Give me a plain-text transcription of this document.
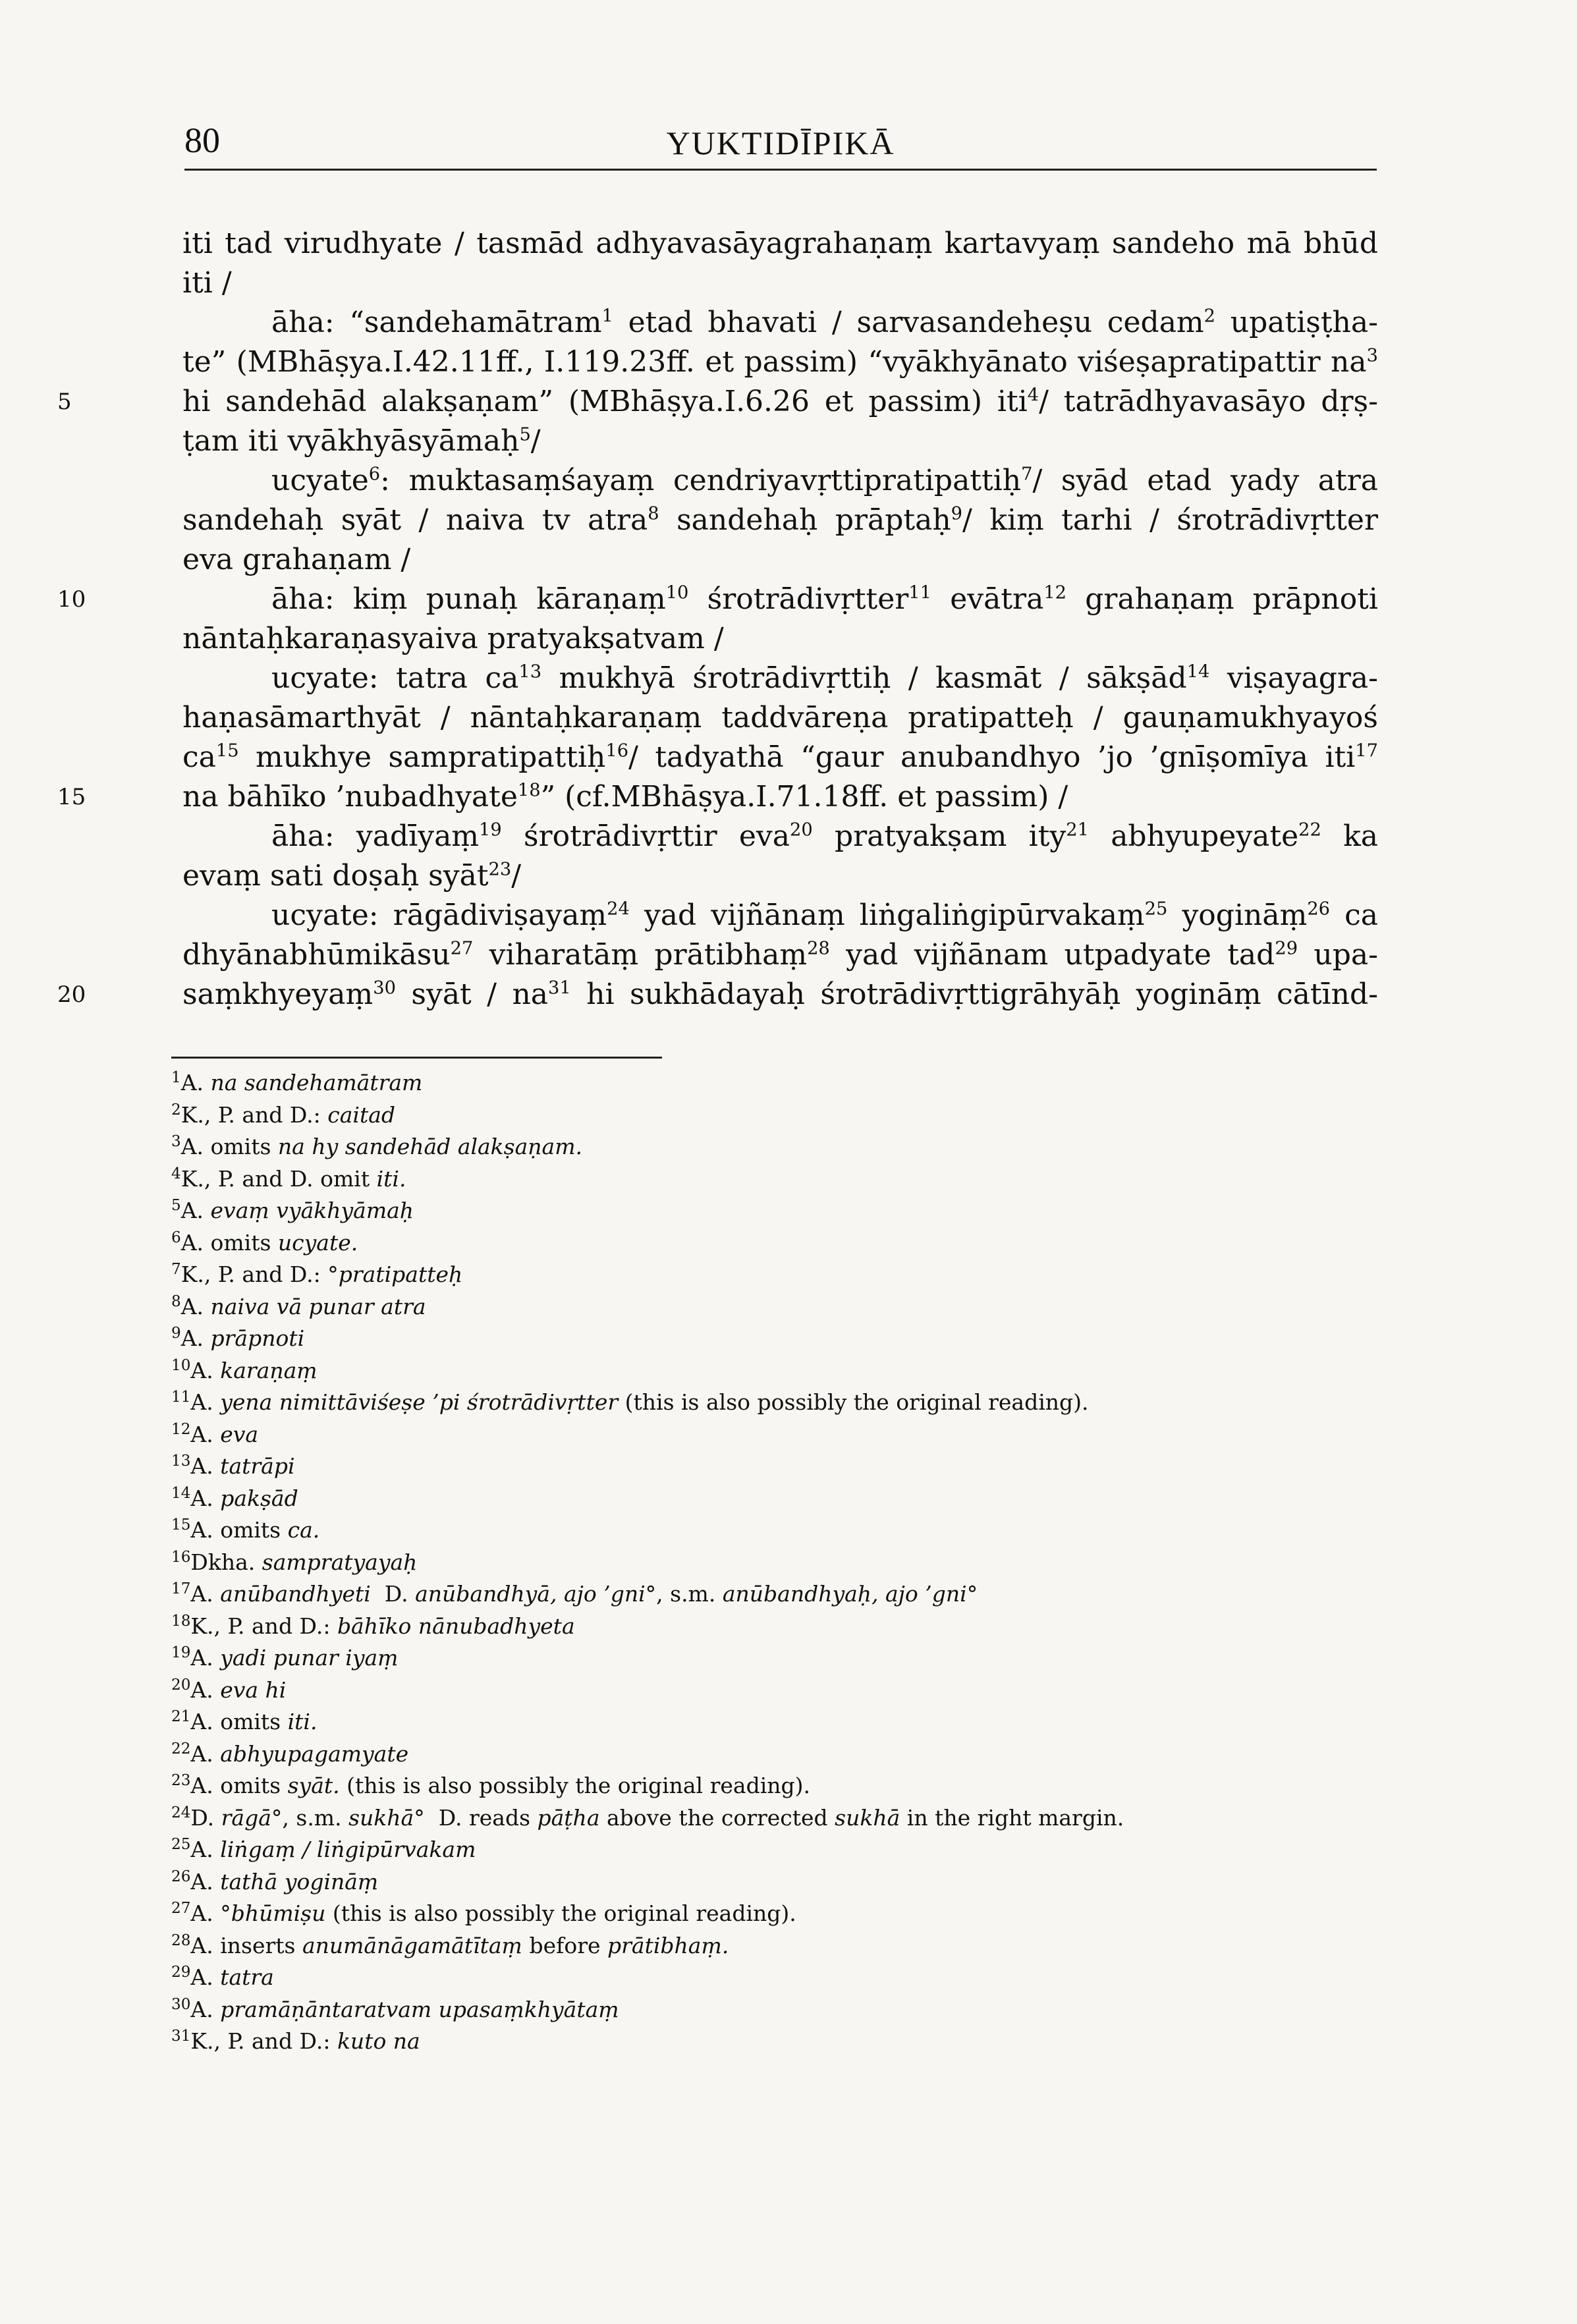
80	YUKTIDĪPIKĀ
iti tad virudhyate / tasmād adhyavasāyagrahaṇaṃ kartavyaṃ sandeho mā bhūd
iti /
āha: “sandehamātram$^1$ etad bhavati / sarvasandeheṣu cedam$^2$ upatiṣṭha-
te” (MBhāṣya.I.42.11ff., I.119.23ff. et passim) “vyākhyānato viśeṣapratipattir $na^3$
5	hi sandehād alakṣaṇam” (MBhāṣya.I.6.26 et passim) iti$^4$/ tatrādhyavasāyo dṛṣ-
ṭam iti vyākhyāsyāmaḥ$^5$/
ucyate$^6$: muktasaṃśayaṃ cendriyavṛttipratipattiḥ$^7$/ syād etad yady atra
sandehaḥ syāt / naiva tv atra$^8$ sandehaḥ prāptaḥ$^9$/ kiṃ tarhi / śrotrādivṛtter
eva grahaṇam /
10	āha: kiṃ punaḥ kāraṇaṃ$^{10}$ śrotrādivṛtter$^{11}$ evātra$^{12}$ grahaṇaṃ prāpnoti
nāntaḥkaraṇasyaiva pratyakṣatvam /
ucyate: tatra $ca^{13}$ mukhyā śrotrādivṛttiḥ / kasmāt / sākṣād$^{14}$ viṣayagra-
haṇasāmarthyāt / nāntaḥkaraṇaṃ taddvāreṇa pratipatteḥ / gauṇamukhyayoś
$ca^{15}$ mukhye sampratipattiḥ$^{16}$/ tadyathā “gaur anubandhyo ’jo ’gnīṣomīya iti$^{17}$
15	na bāhīko ’nubadhyate$^{18}$” (cf.MBhāṣya.I.71.18ff. et passim) /
āha: yadīyaṃ$^{19}$ śrotrādivṛttir eva$^{20}$ pratyakṣam ity$^{21}$ abhyupeyate$^{22}$ ka
evaṃ sati doṣaḥ syāt$^{23}$/
ucyate: rāgādiviṣayaṃ$^{24}$ yad vijñānaṃ liṅgaliṅgipūrvakaṃ$^{25}$ yogināṃ$^{26}$ ca
dhyānabhūmikāsu$^{27}$ viharatāṃ prātibhaṃ$^{28}$ yad vijñānam utpadyate tad$^{29}$ upa-
20	saṃkhyeyaṃ$^{30}$ syāt / $na^{31}$ hi sukhādayaḥ śrotrādivṛttigrāhyāḥ yogināṃ cātīnd-
$^1$A. na sandehamātram
$^2$K., P. and D.: caitad
$^3$A. omits na hy sandehād alakṣaṇam.
$^4$K., P. and D. omit iti.
$^5$A. evaṃ vyākhyāmaḥ
$^6$A. omits ucyate.
$^7$K., P. and D.: °pratipatteḥ
$^8$A. naiva vā punar atra
$^9$A. prāpnoti
$^{10}$A. karaṇaṃ
$^{11}$A. yena nimittāviśeṣe ’pi śrotrādivṛtter (this is also possibly the original reading).
$^{12}$A. eva
$^{13}$A. tatrāpi
$^{14}$A. pakṣād
$^{15}$A. omits ca.
$^{16}$Dkha. sampratyayaḥ
$^{17}$A. anūbandhyeti  D. anūbandhyā, ajo ’gni°, s.m. anūbandhyaḥ, ajo ’gni°
$^{18}$K., P. and D.: bāhīko nānubadhyeta
$^{19}$A. yadi punar iyaṃ
$^{20}$A. eva hi
$^{21}$A. omits iti.
$^{22}$A. abhyupagamyate
$^{23}$A. omits syāt. (this is also possibly the original reading).
$^{24}$D. rāgā°, s.m. sukhā°  D. reads pāṭha above the corrected sukhā in the right margin.
$^{25}$A. liṅgaṃ / liṅgipūrvakam
$^{26}$A. tathā yogināṃ
$^{27}$A. °bhūmiṣu (this is also possibly the original reading).
$^{28}$A. inserts anumānāgamātītaṃ before prātibhaṃ.
$^{29}$A. tatra
$^{30}$A. pramāṇāntaratvam upasaṃkhyātaṃ
$^{31}$K., P. and D.: kuto na
